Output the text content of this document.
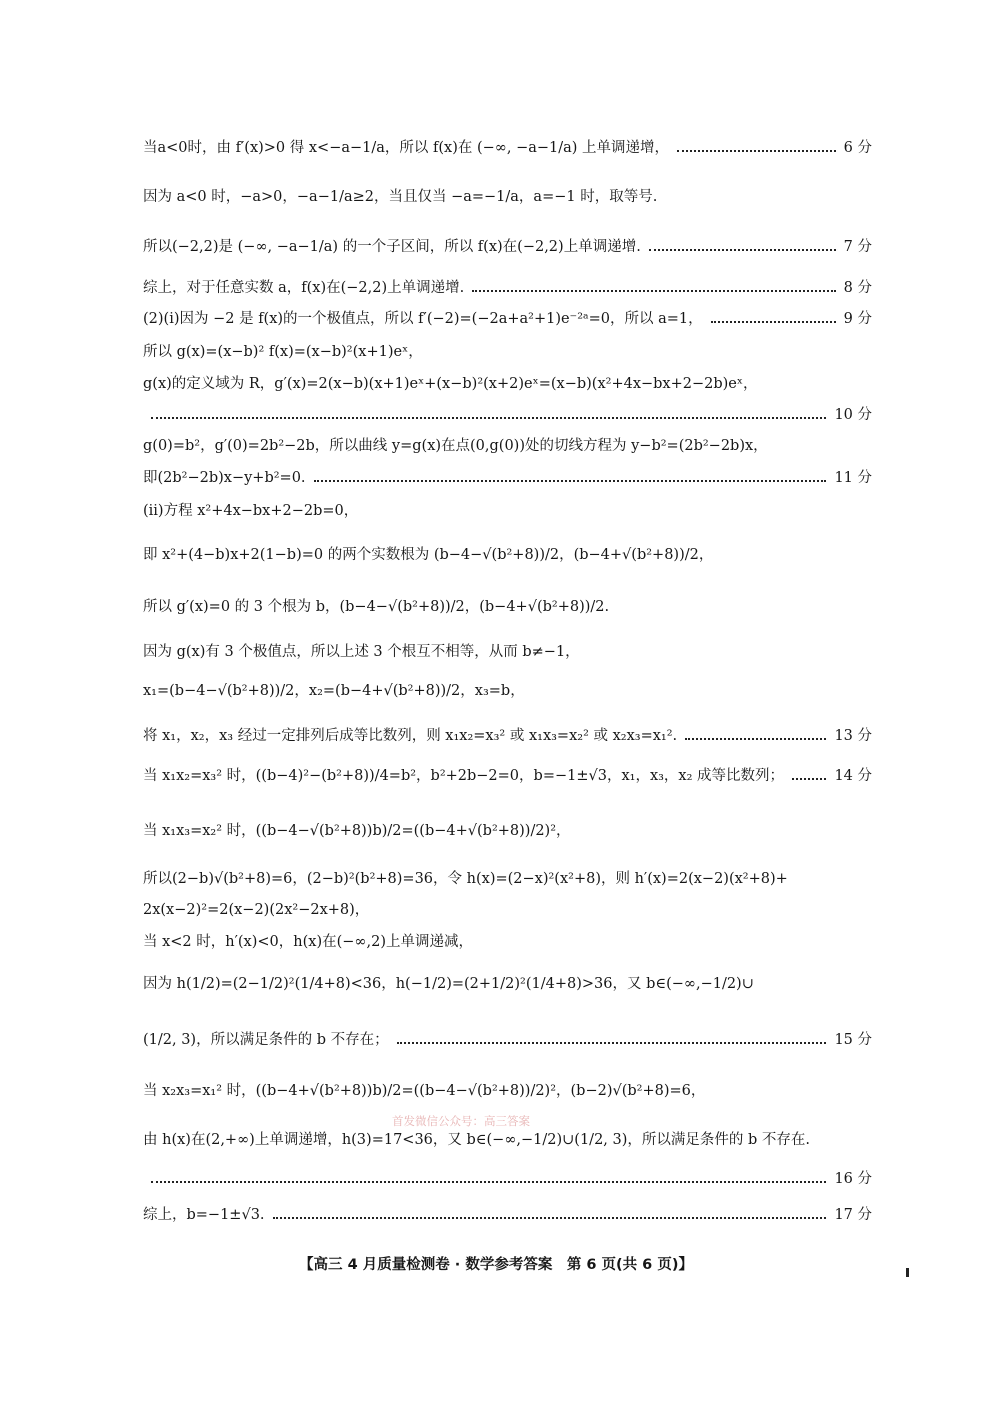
当a<0时，由 f′(x)>0 得 x<−a−1/a，所以 f(x)在 (−∞, −a−1/a) 上单调递增，	6 分
因为 a<0 时，−a>0，−a−1/a≥2，当且仅当 −a=−1/a，a=−1 时，取等号.
所以(−2,2)是 (−∞, −a−1/a) 的一个子区间，所以 f(x)在(−2,2)上单调递增.	7 分
综上，对于任意实数 a，f(x)在(−2,2)上单调递增.	8 分
(2)(ⅰ)因为 −2 是 f(x)的一个极值点，所以 f′(−2)=(−2a+a²+1)e⁻²ᵃ=0，所以 a=1，	9 分
所以 g(x)=(x−b)² f(x)=(x−b)²(x+1)eˣ，
g(x)的定义域为 R，g′(x)=2(x−b)(x+1)eˣ+(x−b)²(x+2)eˣ=(x−b)(x²+4x−bx+2−2b)eˣ，
10 分
g(0)=b²，g′(0)=2b²−2b，所以曲线 y=g(x)在点(0,g(0))处的切线方程为 y−b²=(2b²−2b)x，
即(2b²−2b)x−y+b²=0.	11 分
(ⅱ)方程 x²+4x−bx+2−2b=0，
即 x²+(4−b)x+2(1−b)=0 的两个实数根为 (b−4−√(b²+8))/2，(b−4+√(b²+8))/2，
所以 g′(x)=0 的 3 个根为 b，(b−4−√(b²+8))/2，(b−4+√(b²+8))/2.
因为 g(x)有 3 个极值点，所以上述 3 个根互不相等，从而 b≠−1，
x₁=(b−4−√(b²+8))/2，x₂=(b−4+√(b²+8))/2，x₃=b，
将 x₁，x₂，x₃ 经过一定排列后成等比数列，则 x₁x₂=x₃² 或 x₁x₃=x₂² 或 x₂x₃=x₁².	13 分
当 x₁x₂=x₃² 时，((b−4)²−(b²+8))/4=b²，b²+2b−2=0，b=−1±√3，x₁，x₃，x₂ 成等比数列；	14 分
当 x₁x₃=x₂² 时，((b−4−√(b²+8))b)/2=((b−4+√(b²+8))/2)²，
所以(2−b)√(b²+8)=6，(2−b)²(b²+8)=36，令 h(x)=(2−x)²(x²+8)，则 h′(x)=2(x−2)(x²+8)+
2x(x−2)²=2(x−2)(2x²−2x+8)，
当 x<2 时，h′(x)<0，h(x)在(−∞,2)上单调递减，
因为 h(1/2)=(2−1/2)²(1/4+8)<36，h(−1/2)=(2+1/2)²(1/4+8)>36，又 b∈(−∞,−1/2)∪
(1/2, 3)，所以满足条件的 b 不存在；	15 分
当 x₂x₃=x₁² 时，((b−4+√(b²+8))b)/2=((b−4−√(b²+8))/2)²，(b−2)√(b²+8)=6，
由 h(x)在(2,+∞)上单调递增，h(3)=17<36，又 b∈(−∞,−1/2)∪(1/2, 3)，所以满足条件的 b 不存在.
16 分
综上，b=−1±√3.	17 分
首发微信公众号：高三答案
【高三 4 月质量检测卷 · 数学参考答案　第 6 页(共 6 页)】
